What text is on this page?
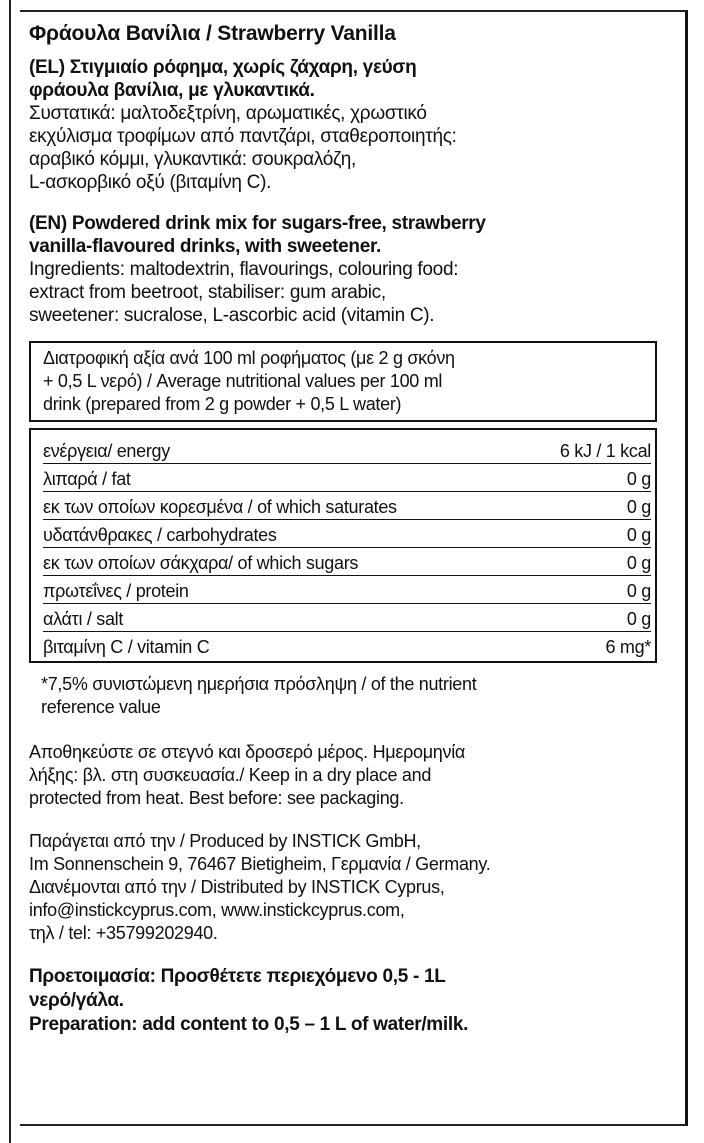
Φράουλα Βανίλια / Strawberry Vanilla
(EL) Στιγμιαίο ρόφημα, χωρίς ζάχαρη, γεύση
φράουλα βανίλια, με γλυκαντικά.
Συστατικά: μαλτοδεξτρίνη, αρωματικές, χρωστικό
εκχύλισμα τροφίμων από παντζάρι, σταθεροποιητής:
αραβικό κόμμι, γλυκαντικά: σουκραλόζη,
L-ασκορβικό οξύ (βιταμίνη C).
(EN) Powdered drink mix for sugars-free, strawberry
vanilla-flavoured drinks, with sweetener.
Ingredients: maltodextrin, flavourings, colouring food:
extract from beetroot, stabiliser: gum arabic,
sweetener: sucralose, L-ascorbic acid (vitamin C).
Διατροφική αξία ανά 100 ml ροφήματος (με 2 g σκόνη
+ 0,5 L νερό) / Average nutritional values per 100 ml
drink (prepared from 2 g powder + 0,5 L water)
ενέργεια/ energy	6 kJ / 1 kcal
λιπαρά / fat	0 g
εκ των οποίων κορεσμένα / of which saturates	0 g
υδατάνθρακες / carbohydrates	0 g
εκ των οποίων σάκχαρα/ of which sugars	0 g
πρωτεΐνες / protein	0 g
αλάτι / salt	0 g
βιταμίνη C / vitamin C	6 mg*
*7,5% συνιστώμενη ημερήσια πρόσληψη / of the nutrient
reference value
Αποθηκεύστε σε στεγνό και δροσερό μέρος. Ημερομηνία
λήξης: βλ. στη συσκευασία./ Keep in a dry place and
protected from heat. Best before: see packaging.
Παράγεται από την / Produced by INSTICK GmbH,
Im Sonnenschein 9, 76467 Bietigheim, Γερμανία / Germany.
Διανέμονται από την / Distributed by INSTICK Cyprus,
info@instickcyprus.com, www.instickcyprus.com,
τηλ / tel: +35799202940.
Προετοιμασία: Προσθέτετε περιεχόμενο 0,5 - 1L
νερό/γάλα.
Preparation: add content to 0,5 – 1 L of water/milk.
